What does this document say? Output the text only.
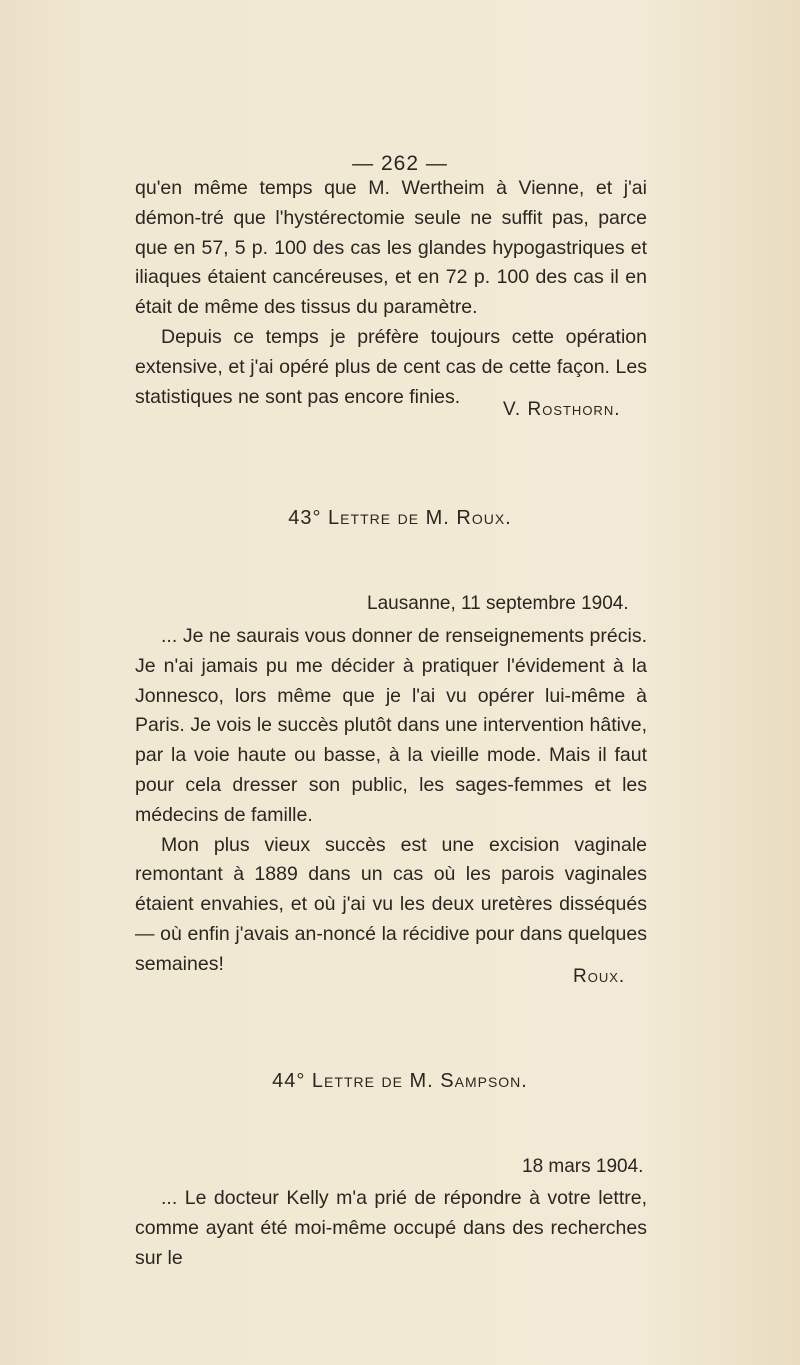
— 262 —

qu'en même temps que M. Wertheim à Vienne, et j'ai démon-tré que l'hystérectomie seule ne suffit pas, parce que en 57, 5 p. 100 des cas les glandes hypogastriques et iliaques étaient cancéreuses, et en 72 p. 100 des cas il en était de même des tissus du paramètre.

Depuis ce temps je préfère toujours cette opération extensive, et j'ai opéré plus de cent cas de cette façon. Les statistiques ne sont pas encore finies.

V. Rosthorn.
43° Lettre de M. Roux.
Lausanne, 11 septembre 1904.

... Je ne saurais vous donner de renseignements précis. Je n'ai jamais pu me décider à pratiquer l'évidement à la Jonnesco, lors même que je l'ai vu opérer lui-même à Paris. Je vois le succès plutôt dans une intervention hâtive, par la voie haute ou basse, à la vieille mode. Mais il faut pour cela dresser son public, les sages-femmes et les médecins de famille.

Mon plus vieux succès est une excision vaginale remontant à 1889 dans un cas où les parois vaginales étaient envahies, et où j'ai vu les deux uretères disséqués — où enfin j'avais an-noncé la récidive pour dans quelques semaines!

Roux.
44° Lettre de M. Sampson.
18 mars 1904.

... Le docteur Kelly m'a prié de répondre à votre lettre, comme ayant été moi-même occupé dans des recherches sur le
